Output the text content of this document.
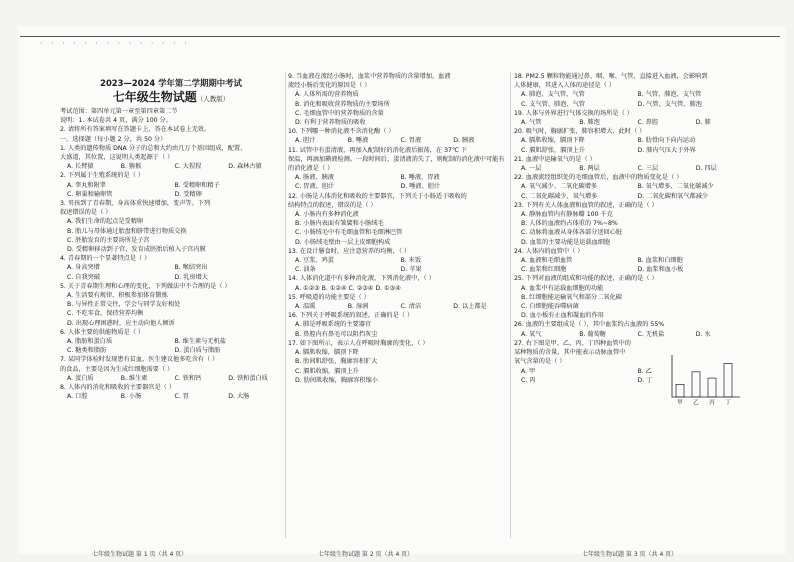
· · · · · · · · · · · · · ·
2023—2024 学年第二学期期中考试
七年级生物试题（人教版）
考试范围：第四单元第一章至第四章第二节
说明：1. 本试卷共 4 页，满分 100 分。
2. 请将所有答案填写在答题卡上，答在本试卷上无效。
一、选择题（每小题 2 分，共 50 分）
1. 人类的遗传物质 DNA 分子的总和大约由几万个基因组成，配置、
大盛道，其位置，这说明人类起源于（ ）
A. 长臂猿	B. 猕猴	C. 大猩猩	D. 森林古猿
2. 下列属于生殖系统的是（ ）
A. 睾丸和附睾	B. 受精卵和精子
C. 卵巢和输卵管	D. 受精卵
3. 男孩到了青春期，身高体重快速增加，变声等。下列
叙述错误的是（ ）
A. 我们生命的起点是受精卵
B. 胎儿与母体通过胎盘和脐带进行物质交换
C. 胚胎发育的主要场所是子宫
D. 受精卵移动到子宫，发育成胚胎后植入子宫内膜
4. 青春期的一个显著特点是（ ）
A. 身高突增	B. 喉结突出
C. 自我突破	D. 乳房增大
5. 关于青春期生理和心理的变化，下列做法中不合理的是（ ）
A. 生活要有规律，积极参加体育锻炼
B. 与异性正常交往，学会与同学友好相处
C. 不吃零食，保持营养均衡
D. 出现心理困惑时，应主动向他人倾诉
6. 人体主要的供能物质是（ ）
A. 脂肪和蛋白质	B. 维生素与无机盐
C. 糖类和脂肪	D. 蛋白质与脂肪
7. 某同学体检时发现患有贫血，医生建议他多吃含有（ ）
的食品，主要是因为生成红细胞需要（ ）
A. 蛋白质	B. 维生素	C. 铁和钙	D. 铁和蛋白质
8. 人体内的消化和吸收的主要器官是（ ）
A. 口腔	B. 小肠	C. 胃	D. 大肠
9. 当血液在流经小肠时，血浆中营养物质的含量增加，血液
流经小肠后变化的原因是（ ）
A. 人体所需的营养物质
B. 消化和吸收营养物质的主要场所
C. 毛细血管中的营养物质的含量
D. 有利于营养物质的吸收
10. 下列哪一种消化液不含消化酶（ ）
A. 胆汁	B. 唾液	C. 胃液	D. 胰液
11. 试管中有蛋清液，再加入配制好的消化液后振荡，在 37℃ 下
保温，再滴加碘液检测。一段时间后，蛋清液消失了，则配制的消化液中可能有
的消化液是（ ）
A. 肠液、胰液	B. 唾液、胃液
C. 胃液、胆汁	D. 唾液、胆汁
12. 小肠是人体消化和吸收的主要器官，下列关于小肠适于吸收的
结构特点的叙述，错误的是（ ）
A. 小肠内有多种消化液
B. 小肠内表面有皱襞和小肠绒毛
C. 小肠绒毛中有毛细血管和毛细淋巴管
D. 小肠绒毛壁由一层上皮细胞构成
13. 在设计膳食时，应注意营养的均衡，（ ）
A. 豆浆、鸡蛋	B. 米饭
C. 油条	D. 苹果
14. 人体消化道中有多种消化液，下列消化液中，（ ）
A. ①②③ B. ①②④ C. ②③④ D. ①③④
15. 呼吸道的功能主要是（ ）
A. 温暖	B. 湿润	C. 清洁	D. 以上都是
16. 下列关于呼吸系统的叙述，正确的是（ ）
A. 肺是呼吸系统的主要器官
B. 鼻腔内有鼻毛可以阻挡灰尘
17. 如下图所示，表示人在呼吸时胸廓的变化，（ ）
A. 膈肌收缩，膈顶下降
B. 肋间肌舒张，胸廓容积扩大
C. 膈肌收缩，膈顶上升
D. 肋间肌收缩，胸廓容积缩小
18. PM2.5 颗粒物能通过鼻、咽、喉、气管，直接进入血液，会影响到
人体健康，其进入人体的途径是（ ）
A. 肺泡、支气管、气管	B. 气管、肺泡、支气管
C. 支气管、肺泡、气管	D. 气管、支气管、肺泡
19. 人体与外界进行气体交换的场所是（ ）
A. 气管	B. 肺泡	C. 鼻腔	D. 肺
20. 吸气时，胸廓扩张，肺容积增大，此时（ ）
A. 膈肌收缩，膈顶下降	B. 肋骨向下向内运动
C. 膈肌舒张，膈顶上升	D. 肺内气压大于外界
21. 血液中运输氧气的是（ ）
A. 一层	B. 两层	C. 三层	D. 四层
22. 血液流经组织处的毛细血管后，血液中的物质变化是（ ）
A. 氧气减少、二氧化碳增多	B. 氧气增多、二氧化碳减少
C. 二氧化碳减少、氧气增多	D. 二氧化碳和氧气都减少
23. 下列有关人体血液和血管的叙述，正确的是（ ）
A. 静脉血管内有静脉瓣 100 千克
B. 人体的血液约占体重的 7%~8%
C. 动脉将血液从身体各部分送回心脏
D. 血浆的主要功能是运载血细胞
24. 人体内的血管中（ ）
A. 血液和毛细血管	B. 血浆和白细胞
C. 血浆和红细胞	D. 血浆和血小板
25. 下列对血液的组成和功能的叙述，正确的是（ ）
A. 血浆中有运载血细胞的功能
B. 红细胞能运输氧气和部分二氧化碳
C. 白细胞能吞噬病菌
D. 血小板有止血和凝血的作用
26. 血液的主要组成是（ ），其中血浆约占血液的 55%
A. 氧气	B. 葡萄糖	C. 无机盐	D. 水
27. 右下图是甲、乙、丙、丁四种血管中的
某种物质的含量，其中能表示动脉血管中
氧气含量的是（ ）
A. 甲	B. 乙
C. 丙	D. 丁
甲 乙 丙 丁
七年级生物试题 第 1 页（共 4 页）	七年级生物试题 第 2 页（共 4 页）	七年级生物试题 第 3 页（共 4 页）
